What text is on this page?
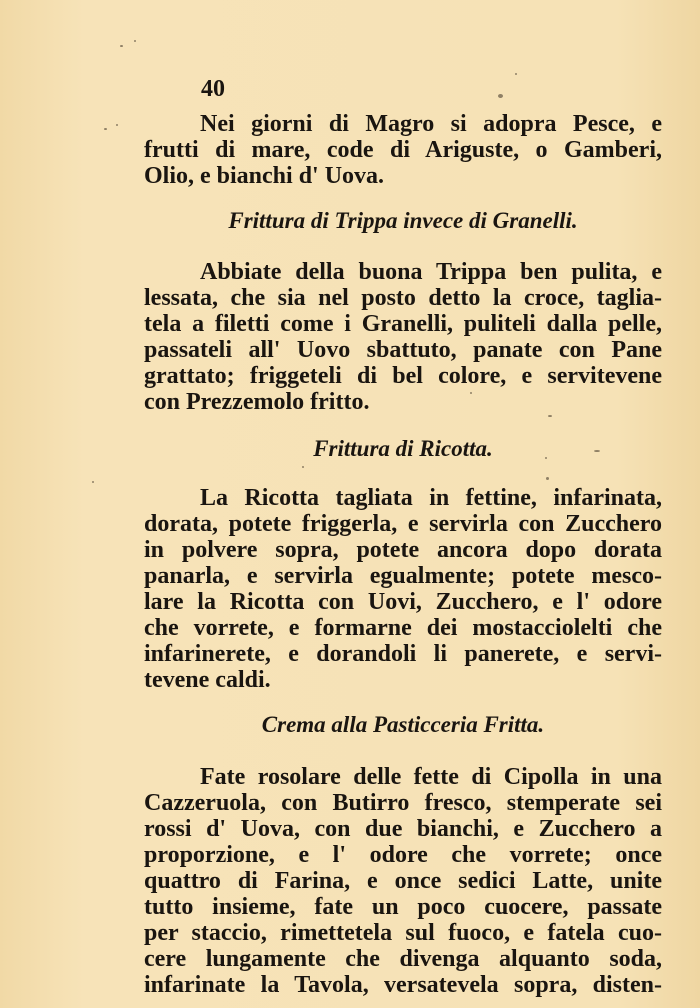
40
Nei giorni di Magro si adopra Pesce, e
frutti di mare, code di Ariguste, o Gamberi,
Olio, e bianchi d' Uova.
Frittura di Trippa invece di Granelli.
Abbiate della buona Trippa ben pulita, e
lessata, che sia nel posto detto la croce, taglia-
tela a filetti come i Granelli, puliteli dalla pelle,
passateli all' Uovo sbattuto, panate con Pane
grattato; friggeteli di bel colore, e servitevene
con Prezzemolo fritto.
Frittura di Ricotta.
La Ricotta tagliata in fettine, infarinata,
dorata, potete friggerla, e servirla con Zucchero
in polvere sopra, potete ancora dopo dorata
panarla, e servirla egualmente; potete mesco-
lare la Ricotta con Uovi, Zucchero, e l' odore
che vorrete, e formarne dei mostacciolelti che
infarinerete, e dorandoli li panerete, e servi-
tevene caldi.
Crema alla Pasticceria Fritta.
Fate rosolare delle fette di Cipolla in una
Cazzeruola, con Butirro fresco, stemperate sei
rossi d' Uova, con due bianchi, e Zucchero a
proporzione, e l' odore che vorrete; once
quattro di Farina, e once sedici Latte, unite
tutto insieme, fate un poco cuocere, passate
per staccio, rimettetela sul fuoco, e fatela cuo-
cere lungamente che divenga alquanto soda,
infarinate la Tavola, versatevela sopra, disten-
